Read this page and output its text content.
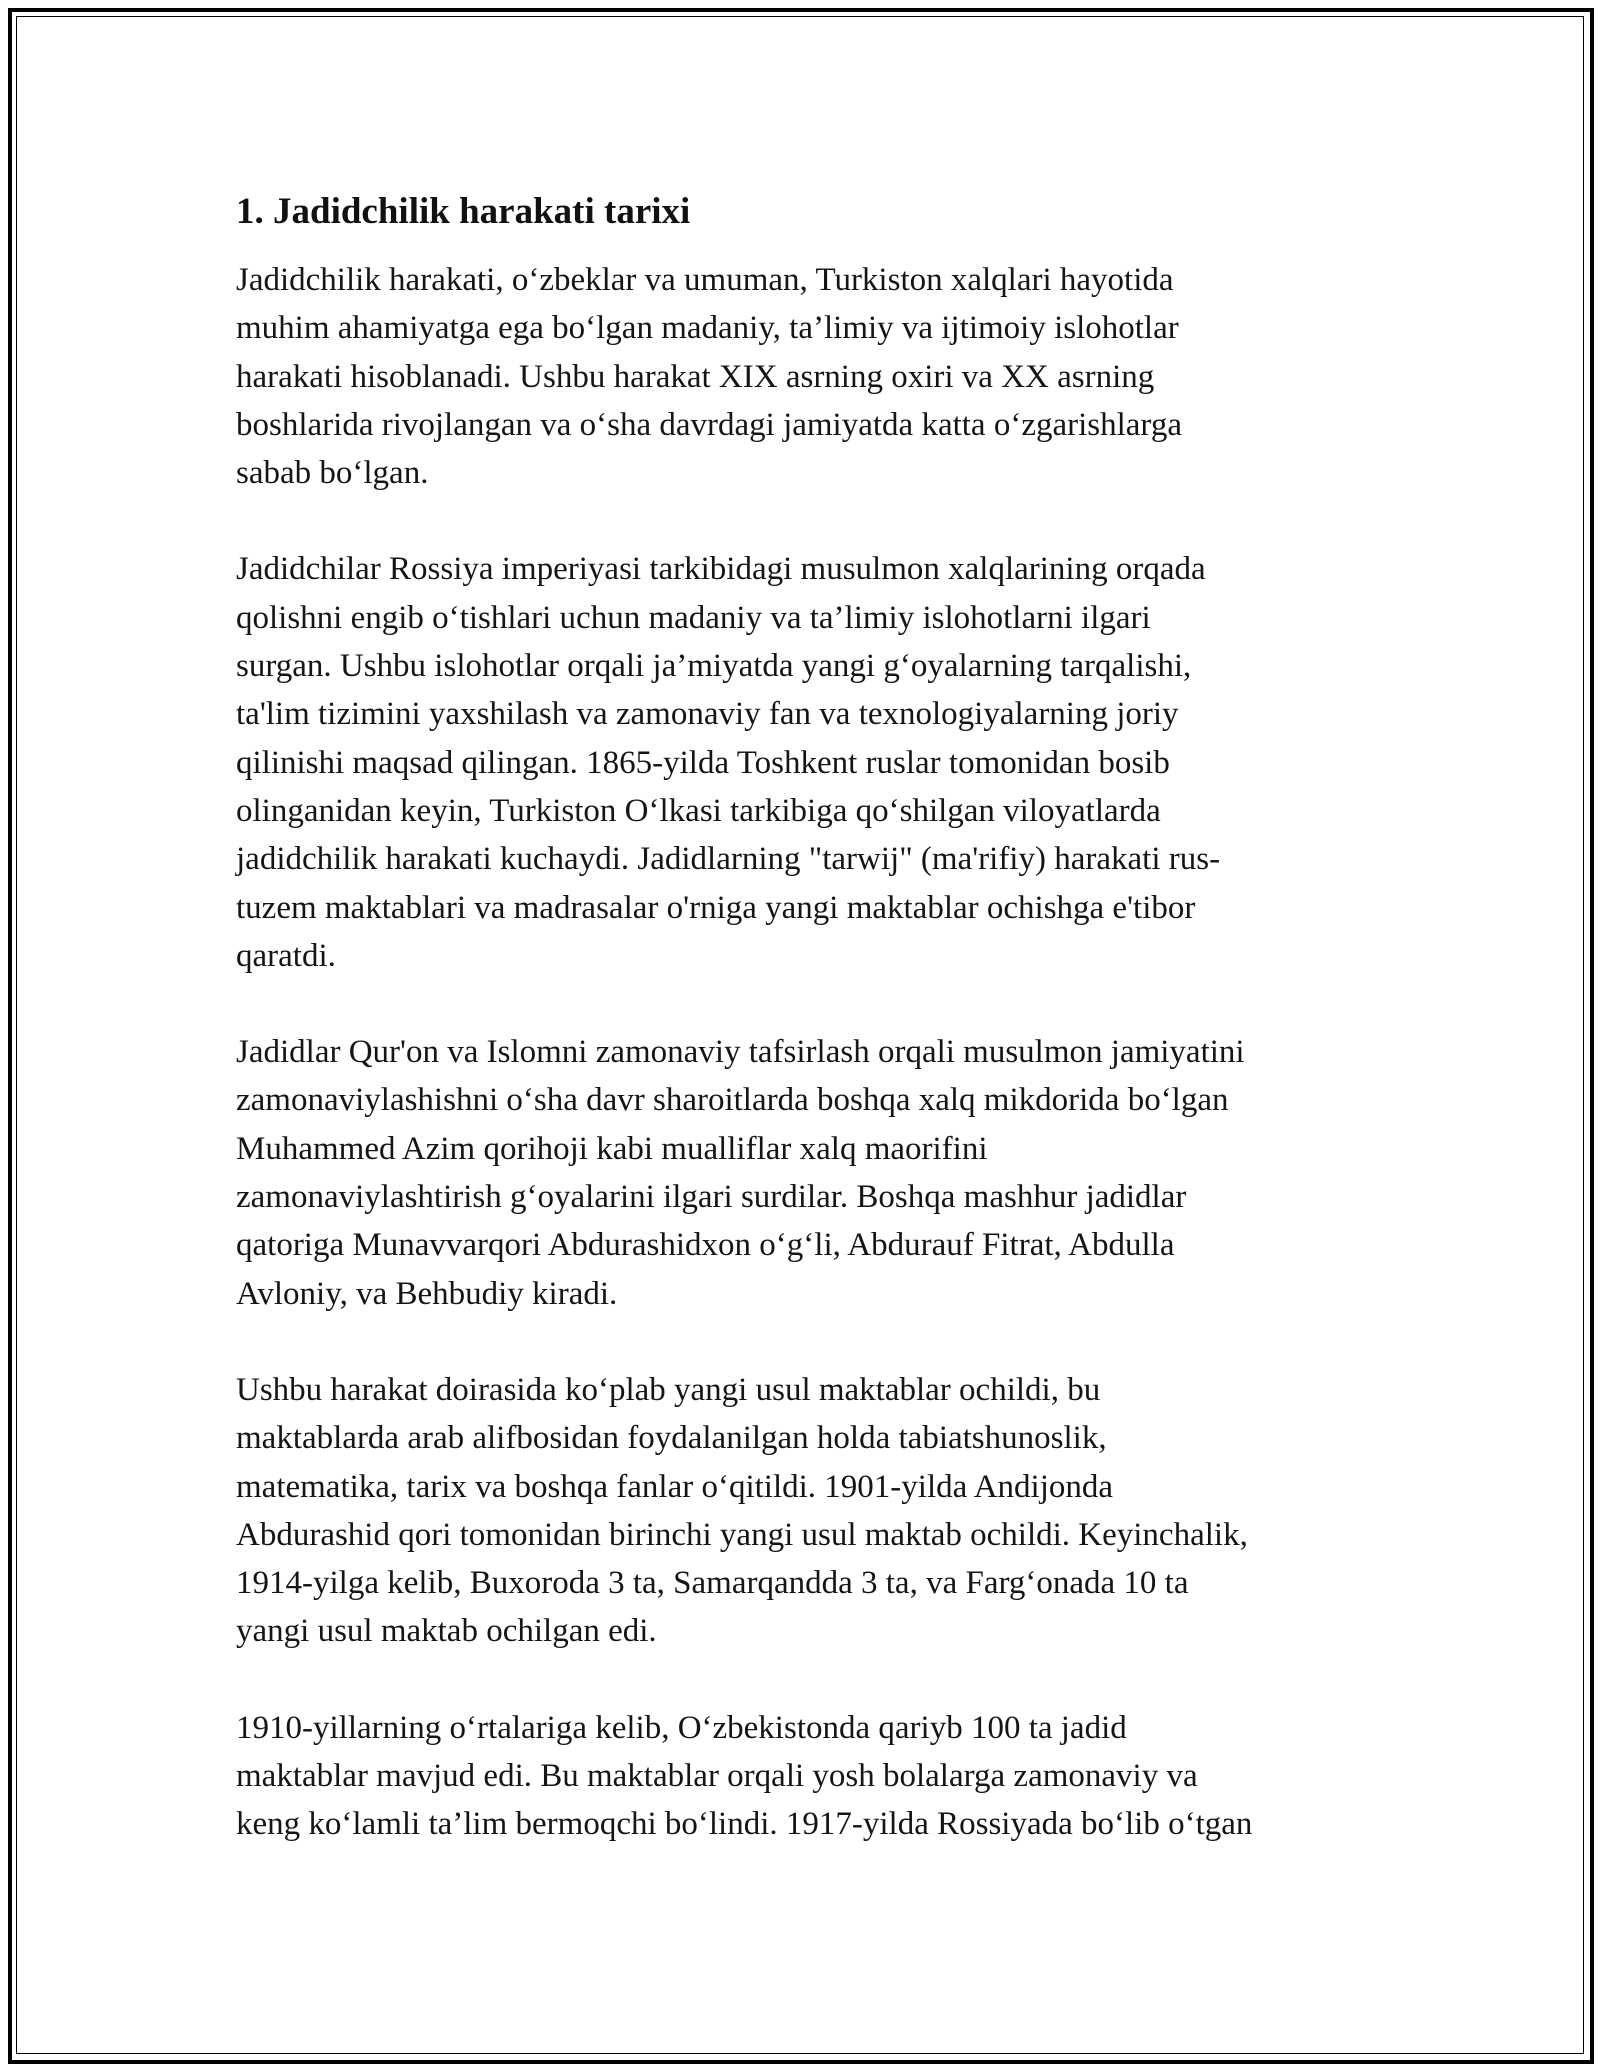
1. Jadidchilik harakati tarixi

Jadidchilik harakati, o‘zbeklar va umuman, Turkiston xalqlari hayotida
muhim ahamiyatga ega bo‘lgan madaniy, ta’limiy va ijtimoiy islohotlar
harakati hisoblanadi. Ushbu harakat XIX asrning oxiri va XX asrning
boshlarida rivojlangan va o‘sha davrdagi jamiyatda katta o‘zgarishlarga
sabab bo‘lgan.

Jadidchilar Rossiya imperiyasi tarkibidagi musulmon xalqlarining orqada
qolishni engib o‘tishlari uchun madaniy va ta’limiy islohotlarni ilgari
surgan. Ushbu islohotlar orqali ja’miyatda yangi g‘oyalarning tarqalishi,
ta'lim tizimini yaxshilash va zamonaviy fan va texnologiyalarning joriy
qilinishi maqsad qilingan. 1865-yilda Toshkent ruslar tomonidan bosib
olinganidan keyin, Turkiston O‘lkasi tarkibiga qo‘shilgan viloyatlarda
jadidchilik harakati kuchaydi. Jadidlarning "tarwij" (ma'rifiy) harakati rus-
tuzem maktablari va madrasalar o'rniga yangi maktablar ochishga e'tibor
qaratdi.

Jadidlar Qur'on va Islomni zamonaviy tafsirlash orqali musulmon jamiyatini
zamonaviylashishni o‘sha davr sharoitlarda boshqa xalq mikdorida bo‘lgan
Muhammed Azim qorihoji kabi mualliflar xalq maorifini
zamonaviylashtirish g‘oyalarini ilgari surdilar. Boshqa mashhur jadidlar
qatoriga Munavvarqori Abdurashidxon o‘g‘li, Abdurauf Fitrat, Abdulla
Avloniy, va Behbudiy kiradi.

Ushbu harakat doirasida ko‘plab yangi usul maktablar ochildi, bu
maktablarda arab alifbosidan foydalanilgan holda tabiatshunoslik,
matematika, tarix va boshqa fanlar o‘qitildi. 1901-yilda Andijonda
Abdurashid qori tomonidan birinchi yangi usul maktab ochildi. Keyinchalik,
1914-yilga kelib, Buxoroda 3 ta, Samarqandda 3 ta, va Farg‘onada 10 ta
yangi usul maktab ochilgan edi.

1910-yillarning o‘rtalariga kelib, O‘zbekistonda qariyb 100 ta jadid
maktablar mavjud edi. Bu maktablar orqali yosh bolalarga zamonaviy va
keng ko‘lamli ta’lim bermoqchi bo‘lindi. 1917-yilda Rossiyada bo‘lib o‘tgan
